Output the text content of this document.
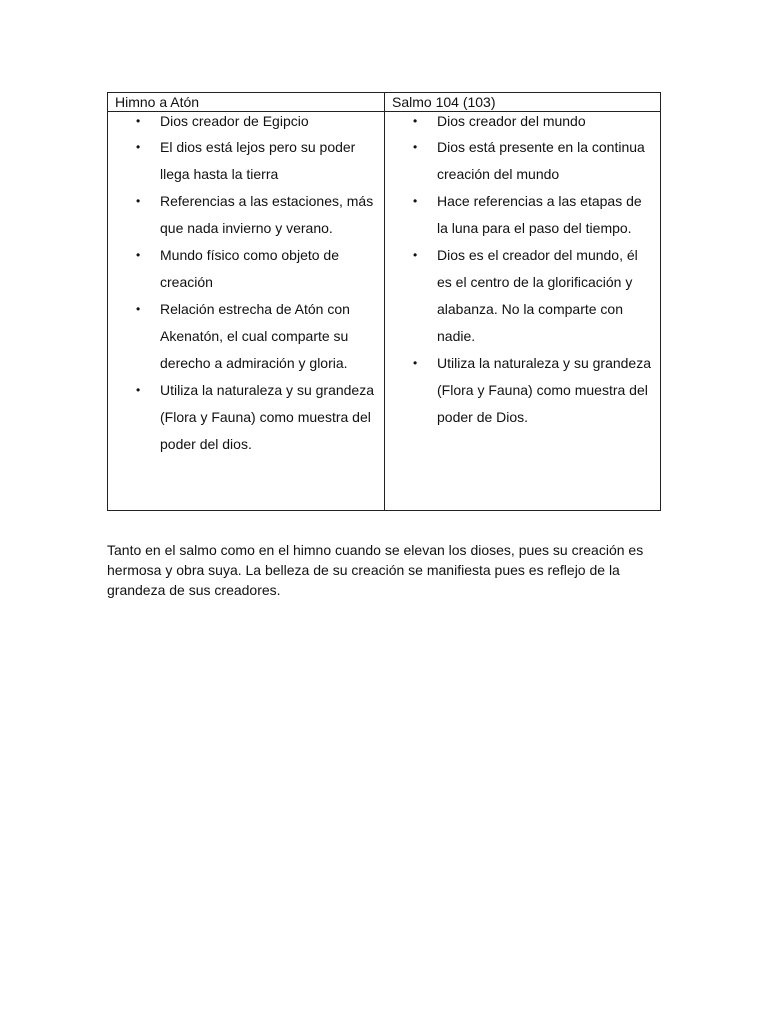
Himno a Atón
• Dios creador de Egipcio
• El dios está lejos pero su poder llega hasta la tierra
• Referencias a las estaciones, más que nada invierno y verano.
• Mundo físico como objeto de creación
• Relación estrecha de Atón con Akenatón, el cual comparte su derecho a admiración y gloria.
• Utiliza la naturaleza y su grandeza (Flora y Fauna) como muestra del poder del dios.
Salmo 104 (103)
• Dios creador del mundo
• Dios está presente en la continua creación del mundo
• Hace referencias a las etapas de la luna para el paso del tiempo.
• Dios es el creador del mundo, él es el centro de la glorificación y alabanza. No la comparte con nadie.
• Utiliza la naturaleza y su grandeza (Flora y Fauna) como muestra del poder de Dios.

Tanto en el salmo como en el himno cuando se elevan los dioses, pues su creación es hermosa y obra suya. La belleza de su creación se manifiesta pues es reflejo de la grandeza de sus creadores.
